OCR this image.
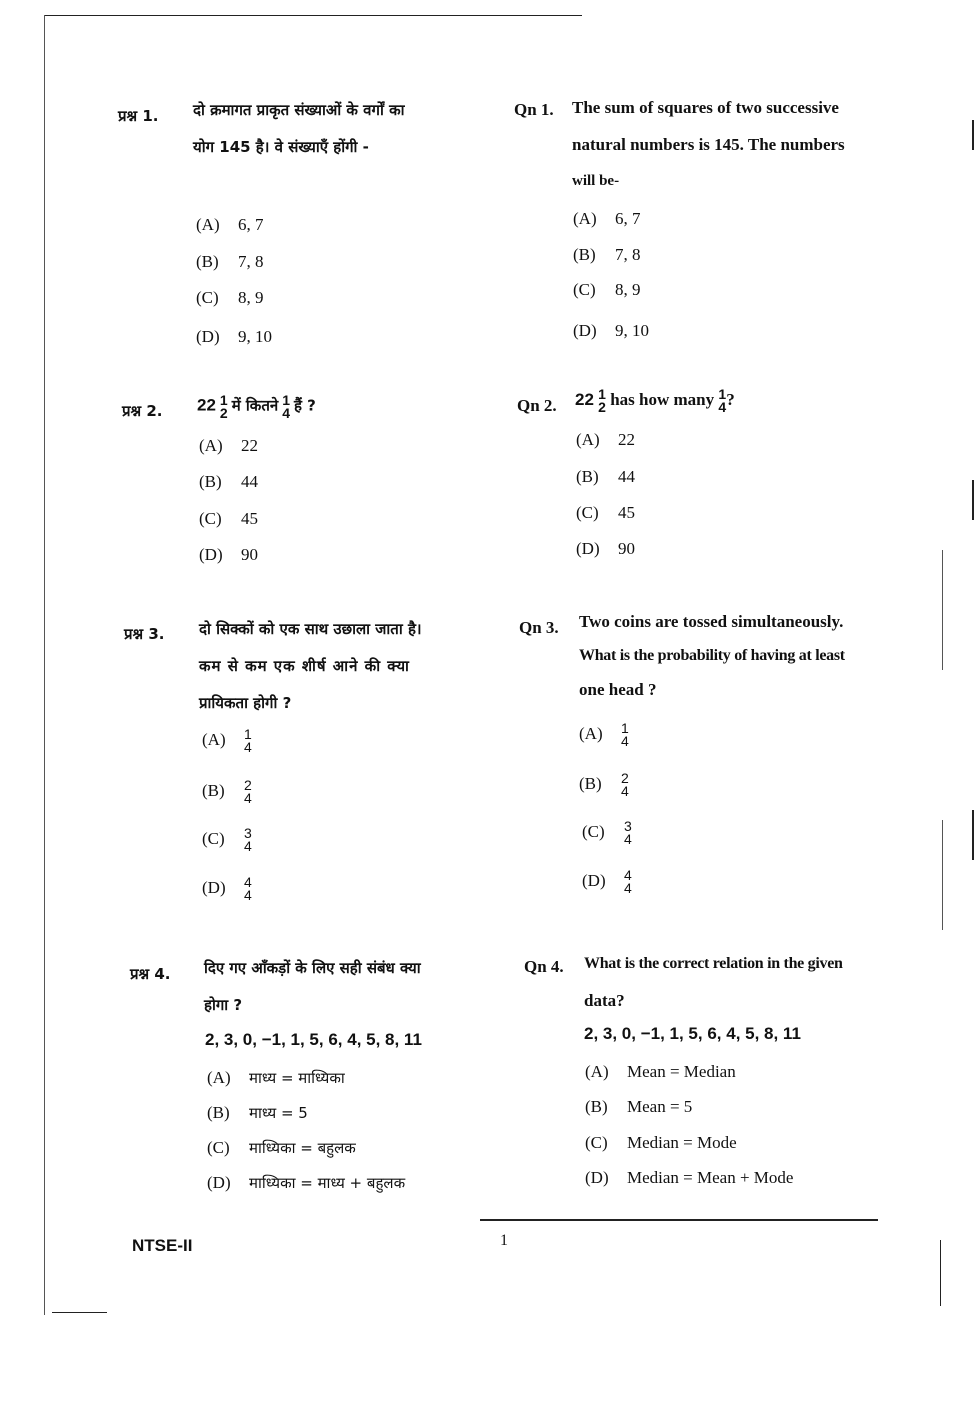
प्रश्न 1. दो क्रमागत प्राकृत संख्याओं के वर्गों का
योग 145 है। वे संख्याएँ होंगी -
(A) 6, 7
(B) 7, 8
(C) 8, 9
(D) 9, 10
Qn 1. The sum of squares of two successive
natural numbers is 145. The numbers
will be-
(A) 6, 7
(B) 7, 8
(C) 8, 9
(D) 9, 10
प्रश्न 2. 22 1
2 में कितने 1
4 हैं ?
(A) 22
(B) 44
(C) 45
(D) 90
Qn 2. 22 1
2 has how many 1
4 ?
(A) 22
(B) 44
(C) 45
(D) 90
प्रश्न 3. दो सिक्कों को एक साथ उछाला जाता है।
कम से कम एक शीर्ष आने की क्या
प्रायिकता होगी ?
(A) 1
4
(B) 2
4
(C) 3
4
(D) 4
4
Qn 3. Two coins are tossed simultaneously.
What is the probability of having at least
one head ?
(A) 1
4
(B) 2
4
(C) 3
4
(D) 4
4
प्रश्न 4. दिए गए आँकड़ों के लिए सही संबंध क्या
होगा ?
2, 3, 0, −1, 1, 5, 6, 4, 5, 8, 11
(A) माध्य = माध्यिका
(B) माध्य = 5
(C) माध्यिका = बहुलक
(D) माध्यिका = माध्य + बहुलक
Qn 4. What is the correct relation in the given
data?
2, 3, 0, −1, 1, 5, 6, 4, 5, 8, 11
(A) Mean = Median
(B) Mean = 5
(C) Median = Mode
(D) Median = Mean + Mode
NTSE-II	1
